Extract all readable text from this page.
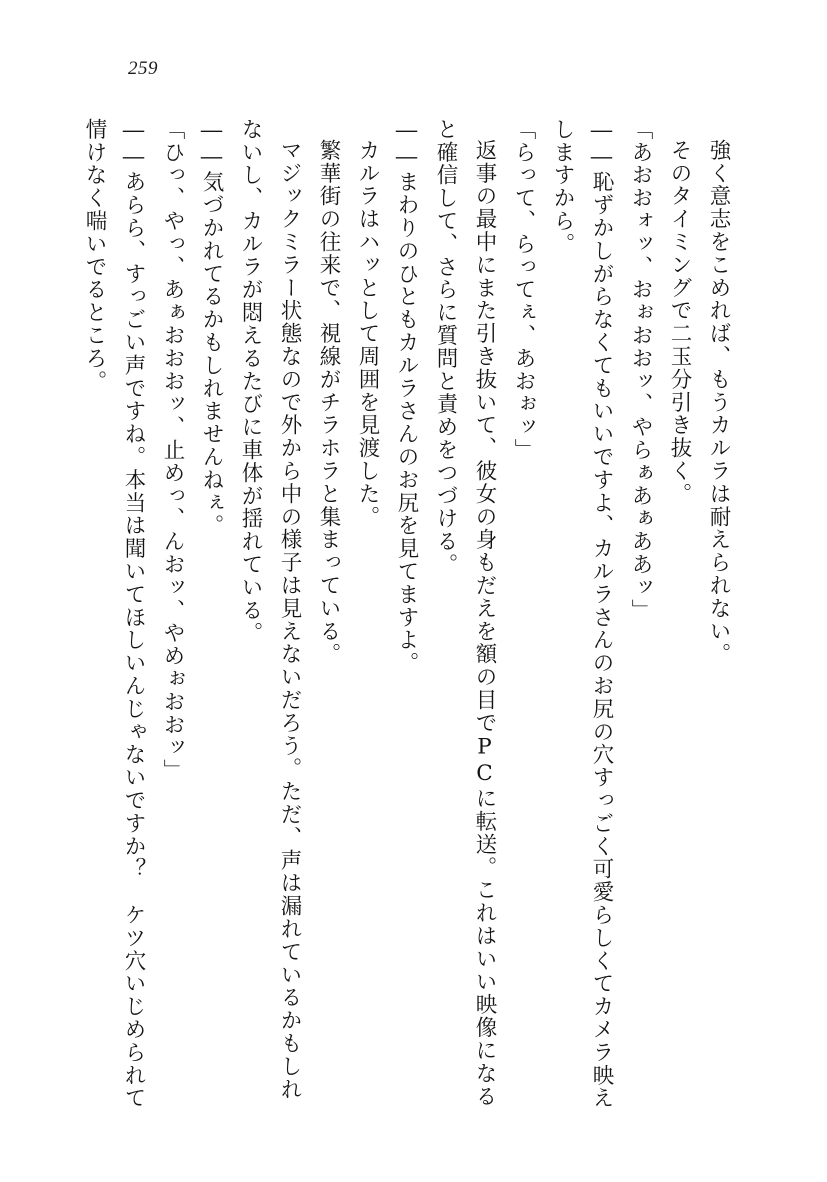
259

強く意志をこめれば、もうカルラは耐えられない。

そのタイミングで二玉分引き抜く。

「あおおォッ、おぉおおッ、やらぁあぁああッ」

――恥ずかしがらなくてもいいですよ、カルラさんのお尻の穴すっごく可愛らしくてカメラ映えしますから。

「らって、らってぇ、あおぉッ」

返事の最中にまた引き抜いて、彼女の身もだえを額の目でPCに転送。これはいい映像になると確信して、さらに質問と責めをつづける。

――まわりのひともカルラさんのお尻を見てますよ。

カルラはハッとして周囲を見渡した。

繁華街の往来で、視線がチラホラと集まっている。

マジックミラー状態なので外から中の様子は見えないだろう。ただ、声は漏れているかもしれないし、カルラが悶えるたびに車体が揺れている。

――気づかれてるかもしれませんねぇ。

「ひっ、やっ、あぁおおおッ、止めっ、んおッ、やめぉおおッ」

――あらら、すっごい声ですね。本当は聞いてほしいんじゃないですか？　ケツ穴いじめられて情けなく喘いでるところ。
